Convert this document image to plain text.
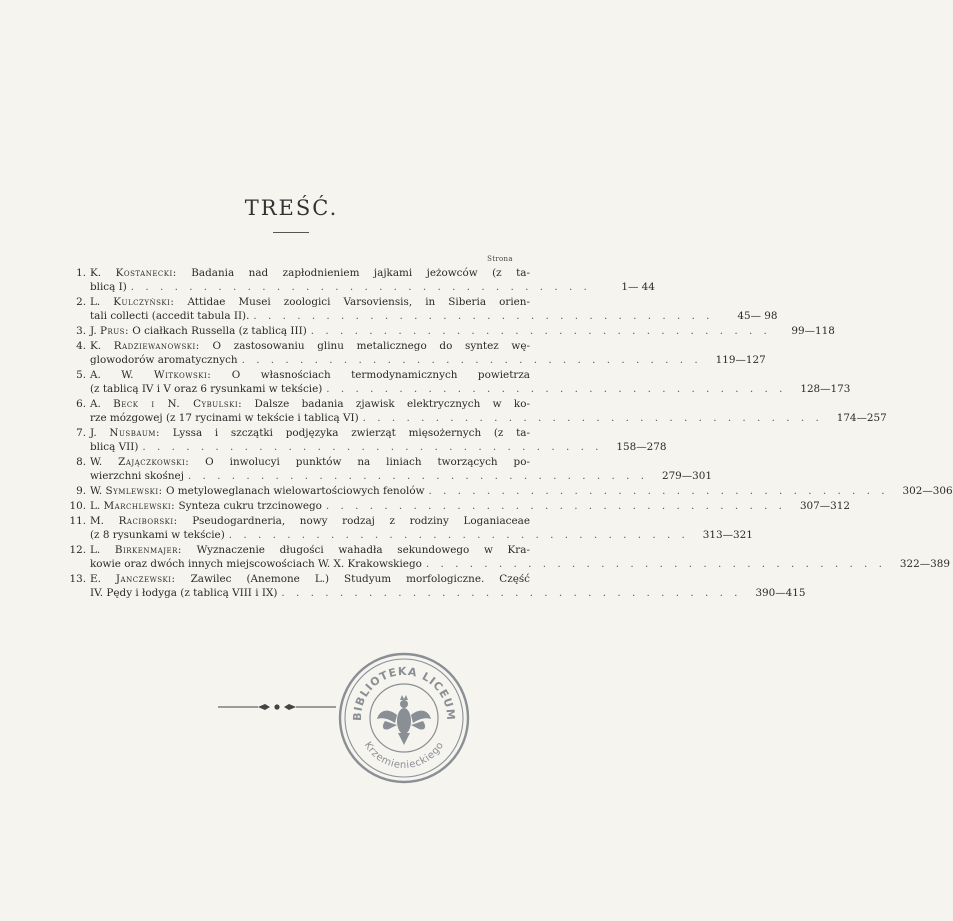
TREŚĆ.
Strona
1. K. Kostanecki: Badania nad zapłodnieniem jajkami jeżowców (z ta-
blicą I) . . . . . . . . . . . . . . . . . . . . . . . . . . . . . . . .	1— 44
2. L. Kulczyński: Attidae Musei zoologici Varsoviensis, in Siberia orien-
tali collecti (accedit tabula II). . . . . . . . . . . . . . . . . . . . . . . . . . . . . . . . .	45— 98
3. J. Prus: O ciałkach Russella (z tablicą III) . . . . . . . . . . . . . . . . . . . . . . . . . . . . . . . .	99—118
4. K. Radziewanowski: O zastosowaniu glinu metalicznego do syntez wę-
glowodorów aromatycznych . . . . . . . . . . . . . . . . . . . . . . . . . . . . . . . .	119—127
5. A. W. Witkowski: O własnościach termodynamicznych powietrza
(z tablicą IV i V oraz 6 rysunkami w tekście) . . . . . . . . . . . . . . . . . . . . . . . . . . . . . . . .	128—173
6. A. Beck i N. Cybulski: Dalsze badania zjawisk elektrycznych w ko-
rze mózgowej (z 17 rycinami w tekście i tablicą VI) . . . . . . . . . . . . . . . . . . . . . . . . . . . . . . . .	174—257
7. J. Nusbaum: Lyssa i szczątki podjęzyka zwierząt mięsożernych (z ta-
blicą VII) . . . . . . . . . . . . . . . . . . . . . . . . . . . . . . . .	158—278
8. W. Zajączkowski: O inwolucyi punktów na liniach tworzących po-
wierzchni skośnej . . . . . . . . . . . . . . . . . . . . . . . . . . . . . . . .	279—301
9. W. Symlewski: O metyloweglanach wielowartościowych fenolów . . . . . . . . . . . . . . . . . . . . . . . . . . . . . . . .	302—306
10. L. Marchlewski: Synteza cukru trzcinowego . . . . . . . . . . . . . . . . . . . . . . . . . . . . . . . .	307—312
11. M. Raciborski: Pseudogardneria, nowy rodzaj z rodziny Loganiaceae
(z 8 rysunkami w tekście) . . . . . . . . . . . . . . . . . . . . . . . . . . . . . . . .	313—321
12. L. Birkenmajer: Wyznaczenie długości wahadła sekundowego w Kra-
kowie oraz dwóch innych miejscowościach W. X. Krakowskiego . . . . . . . . . . . . . . . . . . . . . . . . . . . . . . . .	322—389
13. E. Janczewski: Zawilec (Anemone L.) Studyum morfologiczne. Część
IV. Pędy i łodyga (z tablicą VIII i IX) . . . . . . . . . . . . . . . . . . . . . . . . . . . . . . . .	390—415
BIBLIOTEKA LICEUM
Krzemienieckiego
